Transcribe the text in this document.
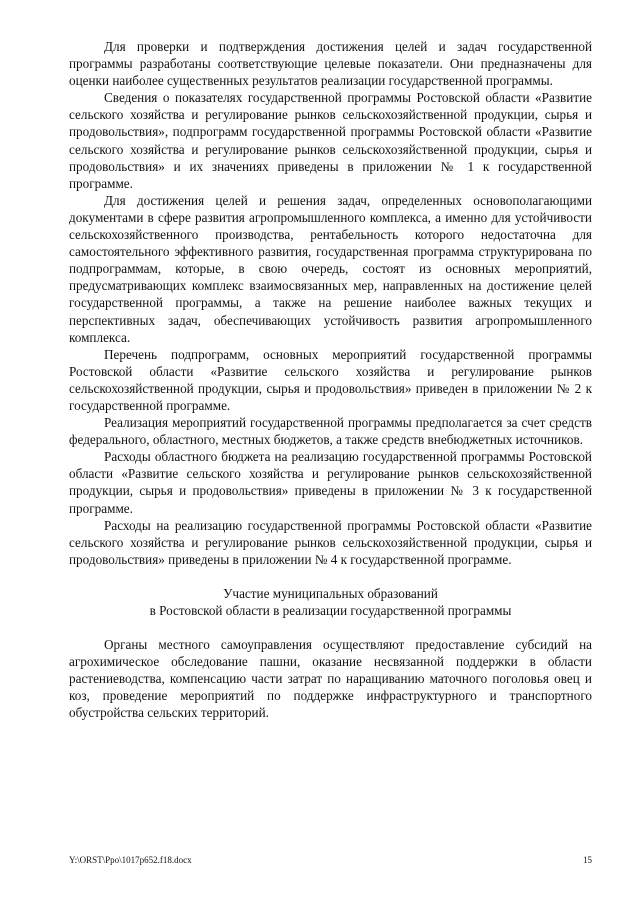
Для проверки и подтверждения достижения целей и задач государственной программы разработаны соответствующие целевые показатели. Они предназначены для оценки наиболее существенных результатов реализации государственной программы.

Сведения о показателях государственной программы Ростовской области «Развитие сельского хозяйства и регулирование рынков сельскохозяйственной продукции, сырья и продовольствия», подпрограмм государственной программы Ростовской области «Развитие сельского хозяйства и регулирование рынков сельскохозяйственной продукции, сырья и продовольствия» и их значениях приведены в приложении № 1 к государственной программе.

Для достижения целей и решения задач, определенных основополагающими документами в сфере развития агропромышленного комплекса, а именно для устойчивости сельскохозяйственного производства, рентабельность которого недостаточна для самостоятельного эффективного развития, государственная программа структурирована по подпрограммам, которые, в свою очередь, состоят из основных мероприятий, предусматривающих комплекс взаимосвязанных мер, направленных на достижение целей государственной программы, а также на решение наиболее важных текущих и перспективных задач, обеспечивающих устойчивость развития агропромышленного комплекса.

Перечень подпрограмм, основных мероприятий государственной программы Ростовской области «Развитие сельского хозяйства и регулирование рынков сельскохозяйственной продукции, сырья и продовольствия» приведен в приложении № 2 к государственной программе.

Реализация мероприятий государственной программы предполагается за счет средств федерального, областного, местных бюджетов, а также средств внебюджетных источников.

Расходы областного бюджета на реализацию государственной программы Ростовской области «Развитие сельского хозяйства и регулирование рынков сельскохозяйственной продукции, сырья и продовольствия» приведены в приложении № 3 к государственной программе.

Расходы на реализацию государственной программы Ростовской области «Развитие сельского хозяйства и регулирование рынков сельскохозяйственной продукции, сырья и продовольствия» приведены в приложении № 4 к государственной программе.

Участие муниципальных образований
в Ростовской области в реализации государственной программы

Органы местного самоуправления осуществляют предоставление субсидий на агрохимическое обследование пашни, оказание несвязанной поддержки в области растениеводства, компенсацию части затрат по наращиванию маточного поголовья овец и коз, проведение мероприятий по поддержке инфраструктурного и транспортного обустройства сельских территорий.

Y:\ORST\Ppo\1017p652.f18.docx	15
